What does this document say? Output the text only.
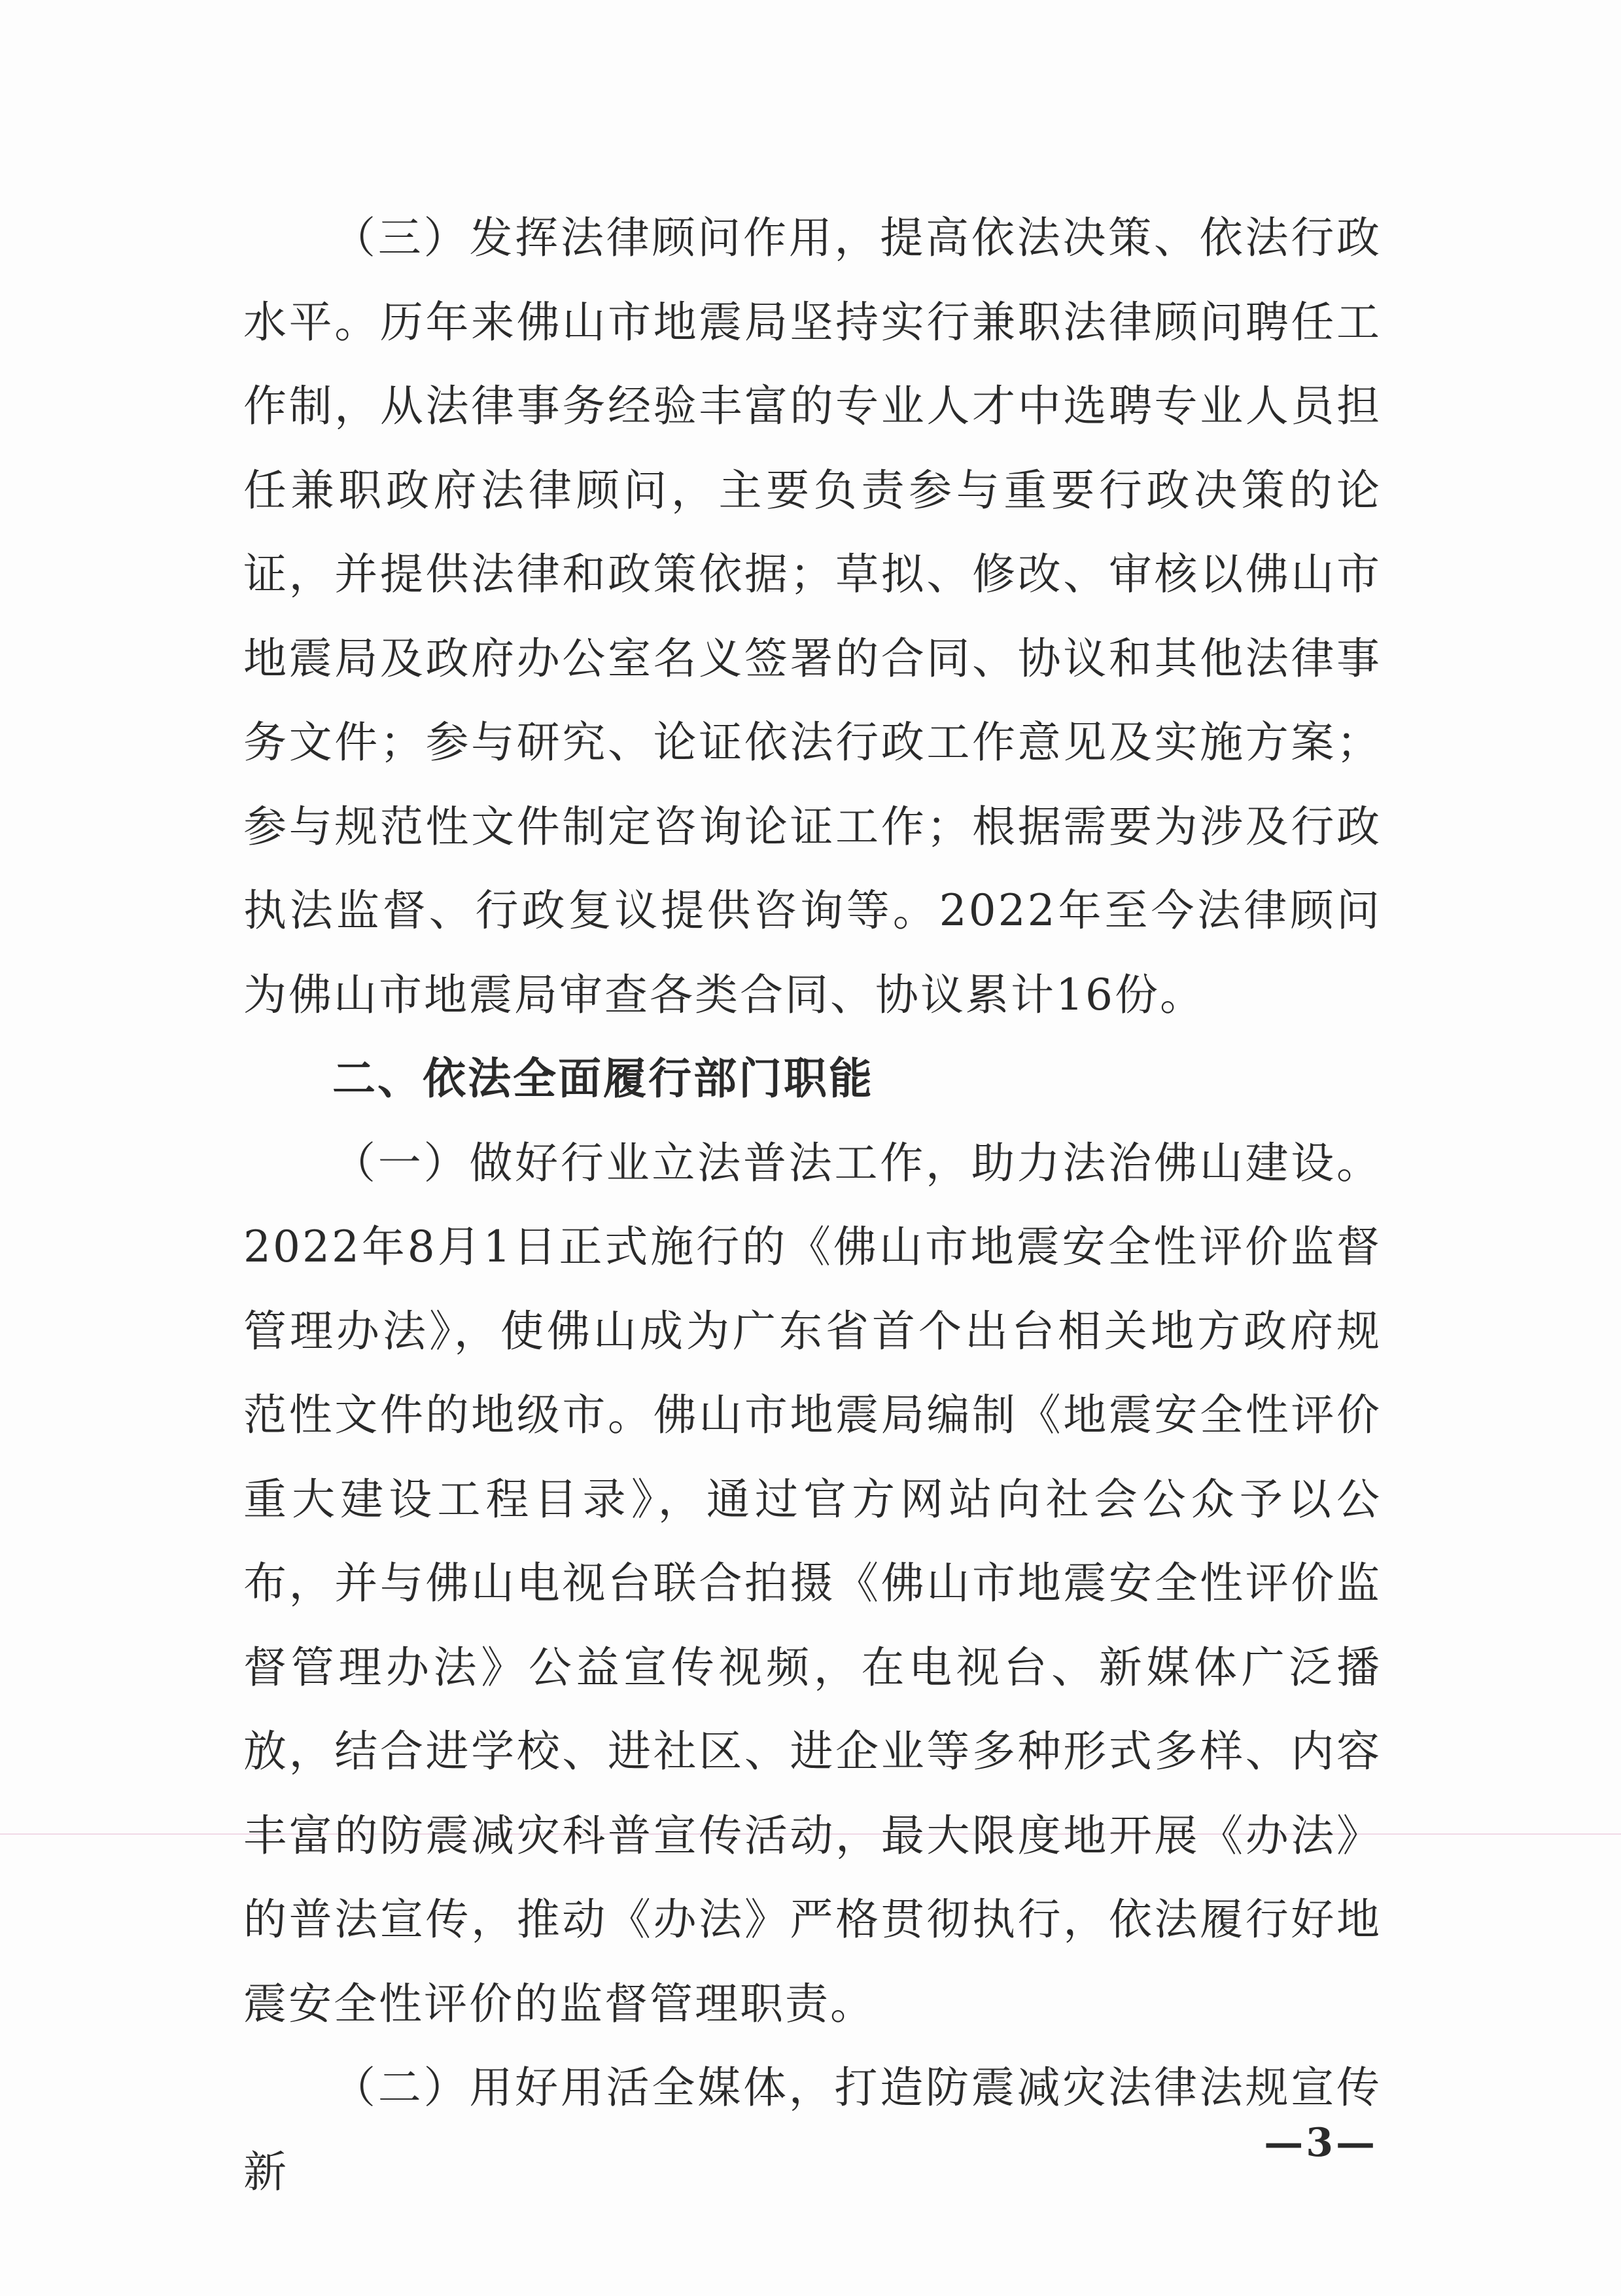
（三）发挥法律顾问作用，提高依法决策、依法行政水平。历年来佛山市地震局坚持实行兼职法律顾问聘任工作制，从法律事务经验丰富的专业人才中选聘专业人员担任兼职政府法律顾问，主要负责参与重要行政决策的论证，并提供法律和政策依据；草拟、修改、审核以佛山市地震局及政府办公室名义签署的合同、协议和其他法律事务文件；参与研究、论证依法行政工作意见及实施方案；参与规范性文件制定咨询论证工作；根据需要为涉及行政执法监督、行政复议提供咨询等。2022年至今法律顾问为佛山市地震局审查各类合同、协议累计16份。

二、依法全面履行部门职能

（一）做好行业立法普法工作，助力法治佛山建设。2022年8月1日正式施行的《佛山市地震安全性评价监督管理办法》，使佛山成为广东省首个出台相关地方政府规范性文件的地级市。佛山市地震局编制《地震安全性评价重大建设工程目录》，通过官方网站向社会公众予以公布，并与佛山电视台联合拍摄《佛山市地震安全性评价监督管理办法》公益宣传视频，在电视台、新媒体广泛播放，结合进学校、进社区、进企业等多种形式多样、内容丰富的防震减灾科普宣传活动，最大限度地开展《办法》的普法宣传，推动《办法》严格贯彻执行，依法履行好地震安全性评价的监督管理职责。

（二）用好用活全媒体，打造防震减灾法律法规宣传新

—3—
